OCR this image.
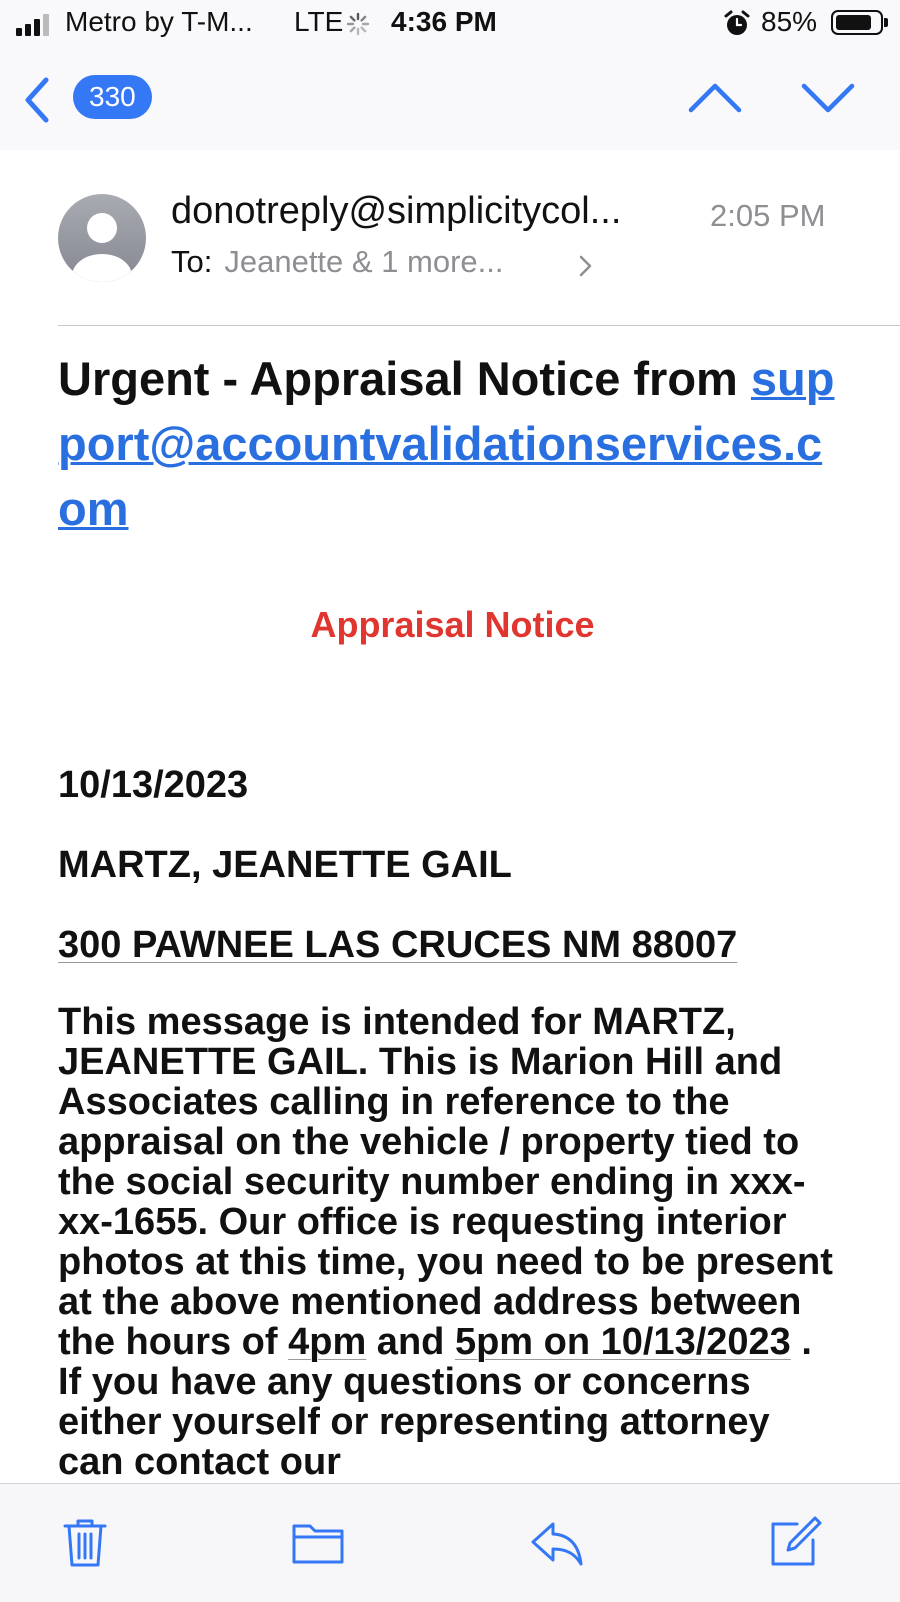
Metro by T-M... LTE 4:36 PM	85%
330
donotreply@simplicitycol...	2:05 PM
To: Jeanette & 1 more...
Urgent - Appraisal Notice from support@accountvalidationservices.com
Appraisal Notice
10/13/2023
MARTZ, JEANETTE GAIL
300 PAWNEE LAS CRUCES NM 88007
This message is intended for MARTZ, JEANETTE GAIL. This is Marion Hill and Associates calling in reference to the appraisal on the vehicle / property tied to the social security number ending in xxx-xx-1655. Our office is requesting interior photos at this time, you need to be present at the above mentioned address between the hours of 4pm and 5pm on 10/13/2023 . If you have any questions or concerns either yourself or representing attorney can contact our
